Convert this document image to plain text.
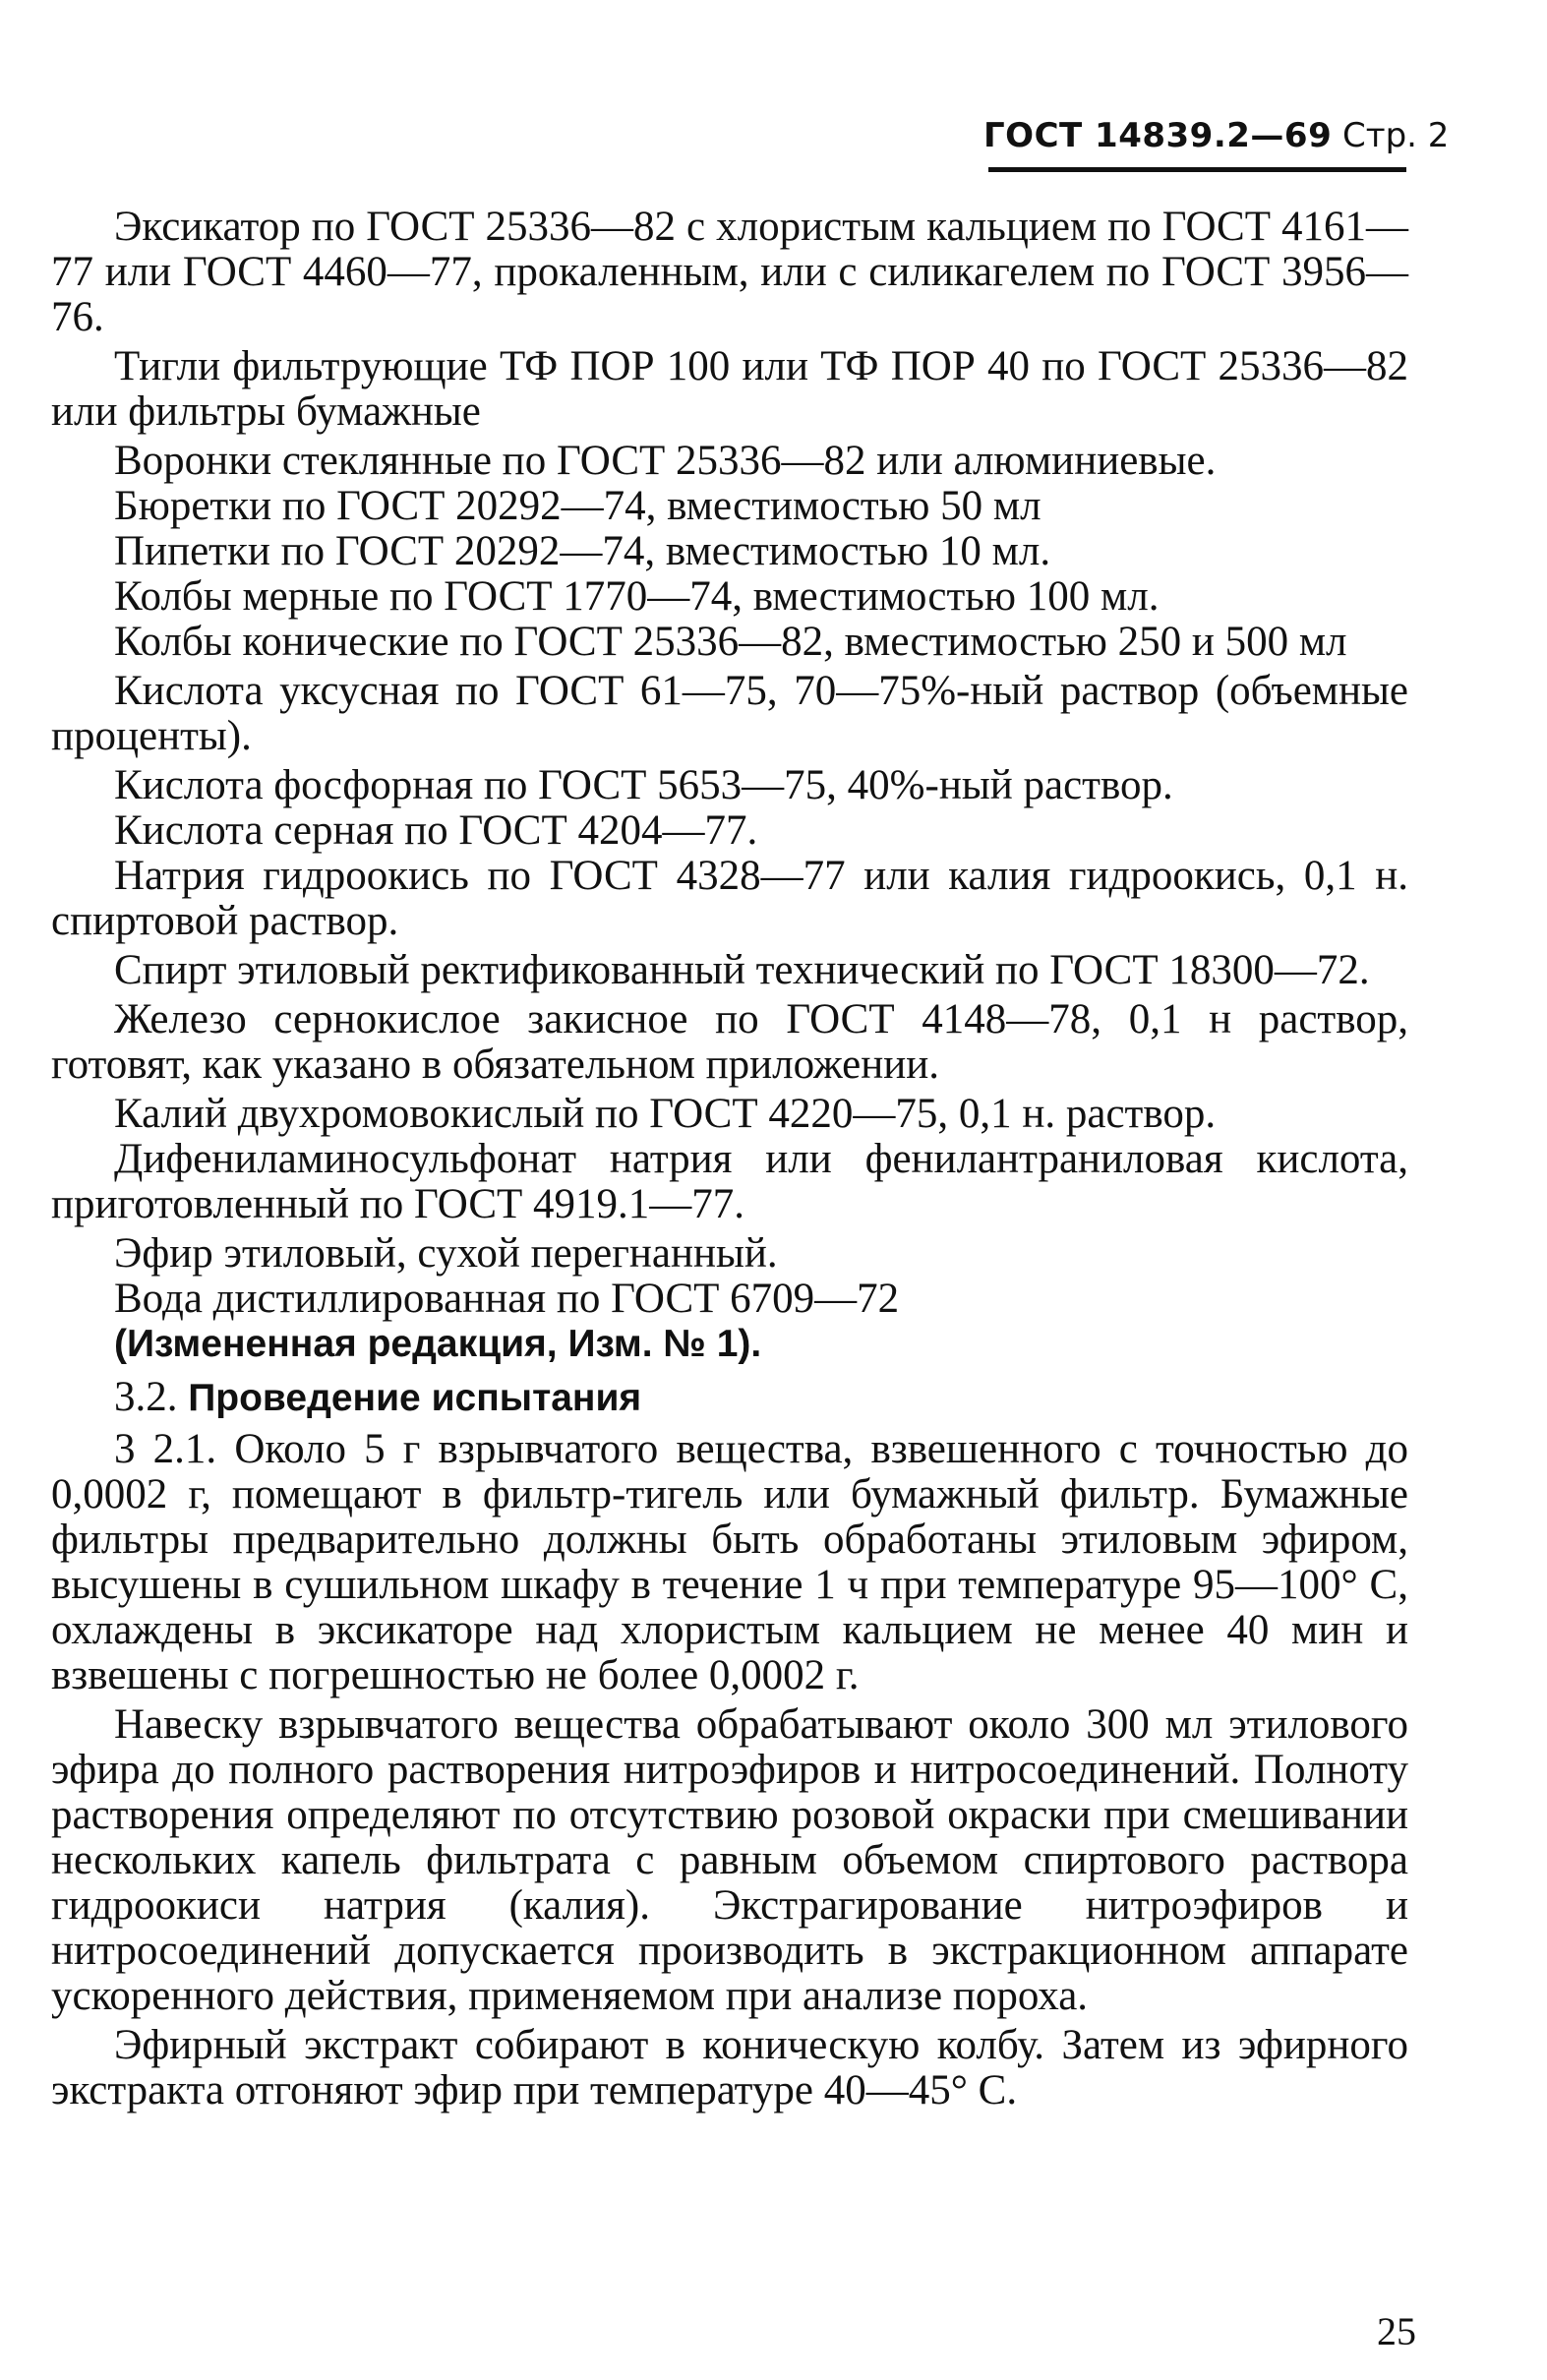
ГОСТ 14839.2—69 Стр. 2

Эксикатор по ГОСТ 25336—82 с хлористым кальцием по ГОСТ 4161—77 или ГОСТ 4460—77, прокаленным, или с силикагелем по ГОСТ 3956—76.

Тигли фильтрующие ТФ ПОР 100 или ТФ ПОР 40 по ГОСТ 25336—82 или фильтры бумажные

Воронки стеклянные по ГОСТ 25336—82 или алюминиевые.

Бюретки по ГОСТ 20292—74, вместимостью 50 мл

Пипетки по ГОСТ 20292—74, вместимостью 10 мл.

Колбы мерные по ГОСТ 1770—74, вместимостью 100 мл.

Колбы конические по ГОСТ 25336—82, вместимостью 250 и 500 мл

Кислота уксусная по ГОСТ 61—75, 70—75%-ный раствор (объемные проценты).

Кислота фосфорная по ГОСТ 5653—75, 40%-ный раствор.

Кислота серная по ГОСТ 4204—77.

Натрия гидроокись по ГОСТ 4328—77 или калия гидроокись, 0,1 н. спиртовой раствор.

Спирт этиловый ректификованный технический по ГОСТ 18300—72.

Железо сернокислое закисное по ГОСТ 4148—78, 0,1 н раствор, готовят, как указано в обязательном приложении.

Калий двухромовокислый по ГОСТ 4220—75, 0,1 н. раствор.

Дифениламиносульфонат натрия или фенилантраниловая кислота, приготовленный по ГОСТ 4919.1—77.

Эфир этиловый, сухой перегнанный.

Вода дистиллированная по ГОСТ 6709—72

(Измененная редакция, Изм. № 1).

3.2. Проведение испытания

3 2.1. Около 5 г взрывчатого вещества, взвешенного с точностью до 0,0002 г, помещают в фильтр-тигель или бумажный фильтр. Бумажные фильтры предварительно должны быть обработаны этиловым эфиром, высушены в сушильном шкафу в течение 1 ч при температуре 95—100° С, охлаждены в эксикаторе над хлористым кальцием не менее 40 мин и взвешены с погрешностью не более 0,0002 г.

Навеску взрывчатого вещества обрабатывают около 300 мл этилового эфира до полного растворения нитроэфиров и нитросоединений. Полноту растворения определяют по отсутствию розовой окраски при смешивании нескольких капель фильтрата с равным объемом спиртового раствора гидроокиси натрия (калия). Экстрагирование нитроэфиров и нитросоединений допускается производить в экстракционном аппарате ускоренного действия, применяемом при анализе пороха.

Эфирный экстракт собирают в коническую колбу. Затем из эфирного экстракта отгоняют эфир при температуре 40—45° С.

25
